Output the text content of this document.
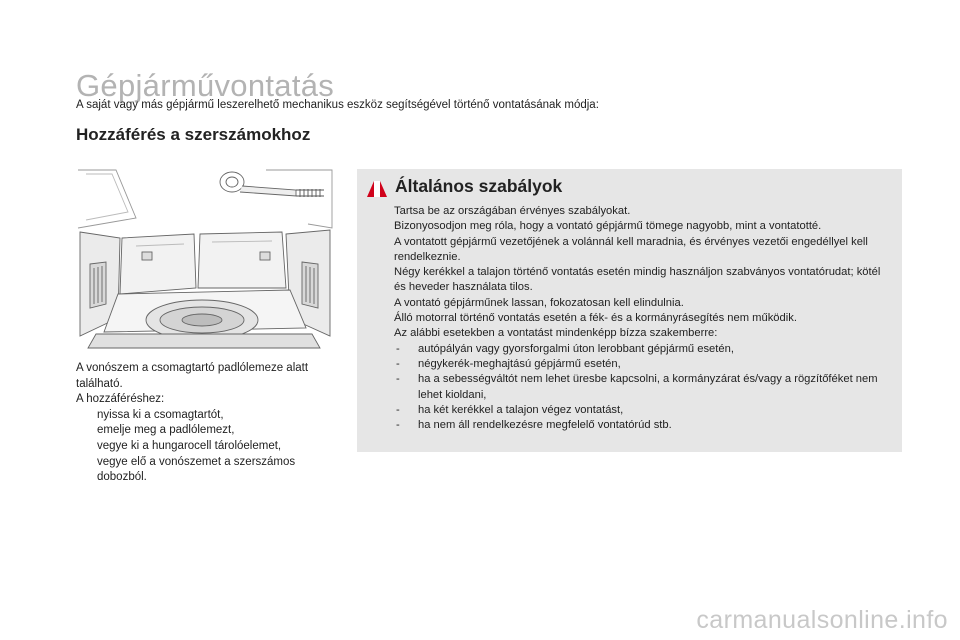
Gépjárművontatás
A saját vagy más gépjármű leszerelhető mechanikus eszköz segítségével történő vontatásának módja:
Hozzáférés a szerszámokhoz

A vonószem a csomagtartó padlólemeze alatt található.

A hozzáféréshez:

nyissa ki a csomagtartót,
emelje meg a padlólemezt,
vegye ki a hungarocell tárolóelemet,
vegye elő a vonószemet a szerszámos dobozból.
Általános szabályok

Tartsa be az országában érvényes szabályokat.

Bizonyosodjon meg róla, hogy a vontató gépjármű tömege nagyobb, mint a vontatotté.

A vontatott gépjármű vezetőjének a volánnál kell maradnia, és érvényes vezetői engedéllyel kell rendelkeznie.

Négy kerékkel a talajon történő vontatás esetén mindig használjon szabványos vontatórudat; kötél és heveder használata tilos.

A vontató gépjárműnek lassan, fokozatosan kell elindulnia.

Álló motorral történő vontatás esetén a fék- és a kormányrásegítés nem működik.

Az alábbi esetekben a vontatást mindenképp bízza szakemberre:

- autópályán vagy gyorsforgalmi úton lerobbant gépjármű esetén,
- négykerék-meghajtású gépjármű esetén,
- ha a sebességváltót nem lehet üresbe kapcsolni, a kormányzárat és/vagy a rögzítőféket nem lehet kioldani,
- ha két kerékkel a talajon végez vontatást,
- ha nem áll rendelkezésre megfelelő vontatórúd stb.
carmanualsonline.info
